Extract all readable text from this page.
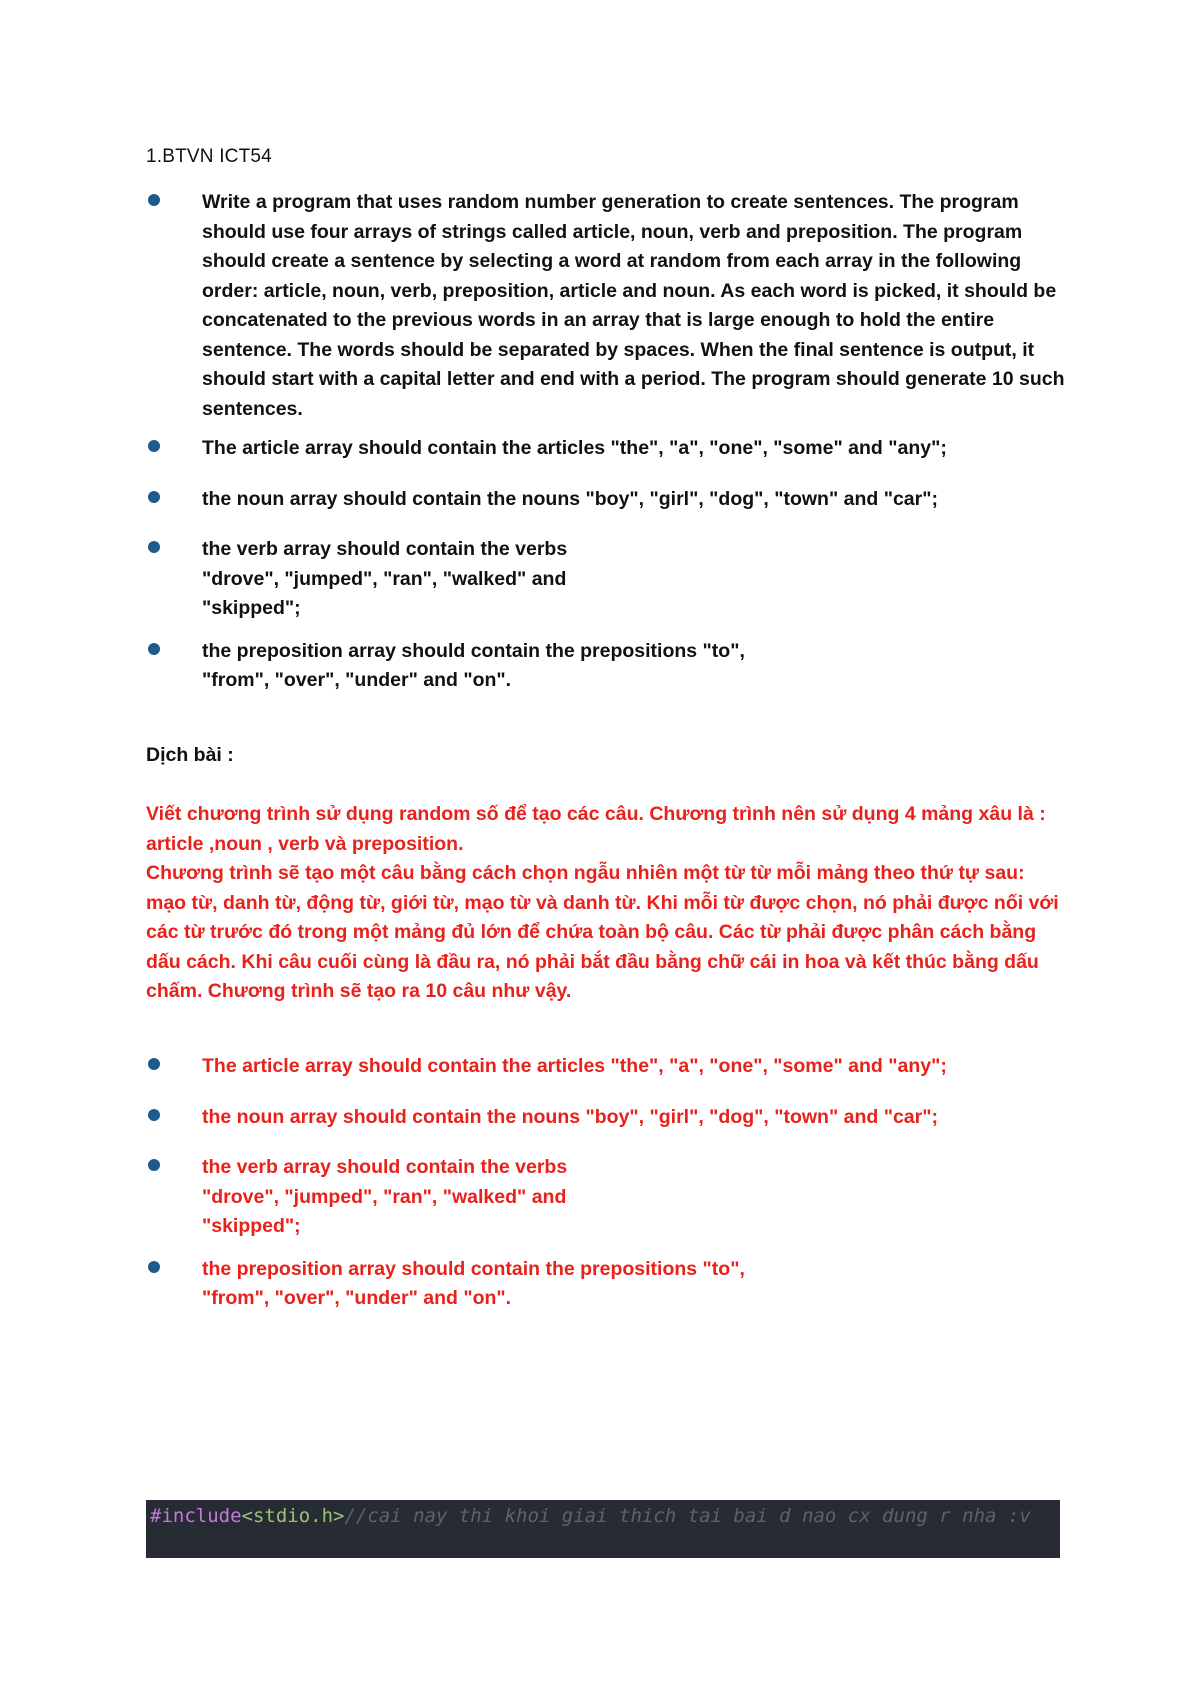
1.BTVN ICT54
Write a program that uses random number generation to create sentences. The program should use four arrays of strings called article, noun, verb and preposition. The program should create a sentence by selecting a word at random from each array in the following order: article, noun, verb, preposition, article and noun. As each word is picked, it should be concatenated to the previous words in an array that is large enough to hold the entire sentence. The words should be separated by spaces. When the final sentence is output, it should start with a capital letter and end with a period. The program should generate 10 such sentences.
The article array should contain the articles "the", "a", "one", "some" and "any";
the noun array should contain the nouns "boy", "girl", "dog", "town" and "car";
the verb array should contain the verbs "drove", "jumped", "ran", "walked" and "skipped";
the preposition array should contain the prepositions "to", "from", "over", "under" and "on".
Dịch bài :
Viết chương trình sử dụng random số để tạo các câu. Chương trình nên sử dụng 4 mảng xâu là : article ,noun , verb và preposition.
Chương trình sẽ tạo một câu bằng cách chọn ngẫu nhiên một từ từ mỗi mảng theo thứ tự sau: mạo từ, danh từ, động từ, giới từ, mạo từ và danh từ. Khi mỗi từ được chọn, nó phải được nối với các từ trước đó trong một mảng đủ lớn để chứa toàn bộ câu. Các từ phải được phân cách bằng dấu cách. Khi câu cuối cùng là đầu ra, nó phải bắt đầu bằng chữ cái in hoa và kết thúc bằng dấu chấm. Chương trình sẽ tạo ra 10 câu như vậy.
The article array should contain the articles "the", "a", "one", "some" and "any";
the noun array should contain the nouns "boy", "girl", "dog", "town" and "car";
the verb array should contain the verbs "drove", "jumped", "ran", "walked" and "skipped";
the preposition array should contain the prepositions "to", "from", "over", "under" and "on".
#include<stdio.h>//cai nay thi khoi giai thich tai bai d nao cx dung r nha :v
